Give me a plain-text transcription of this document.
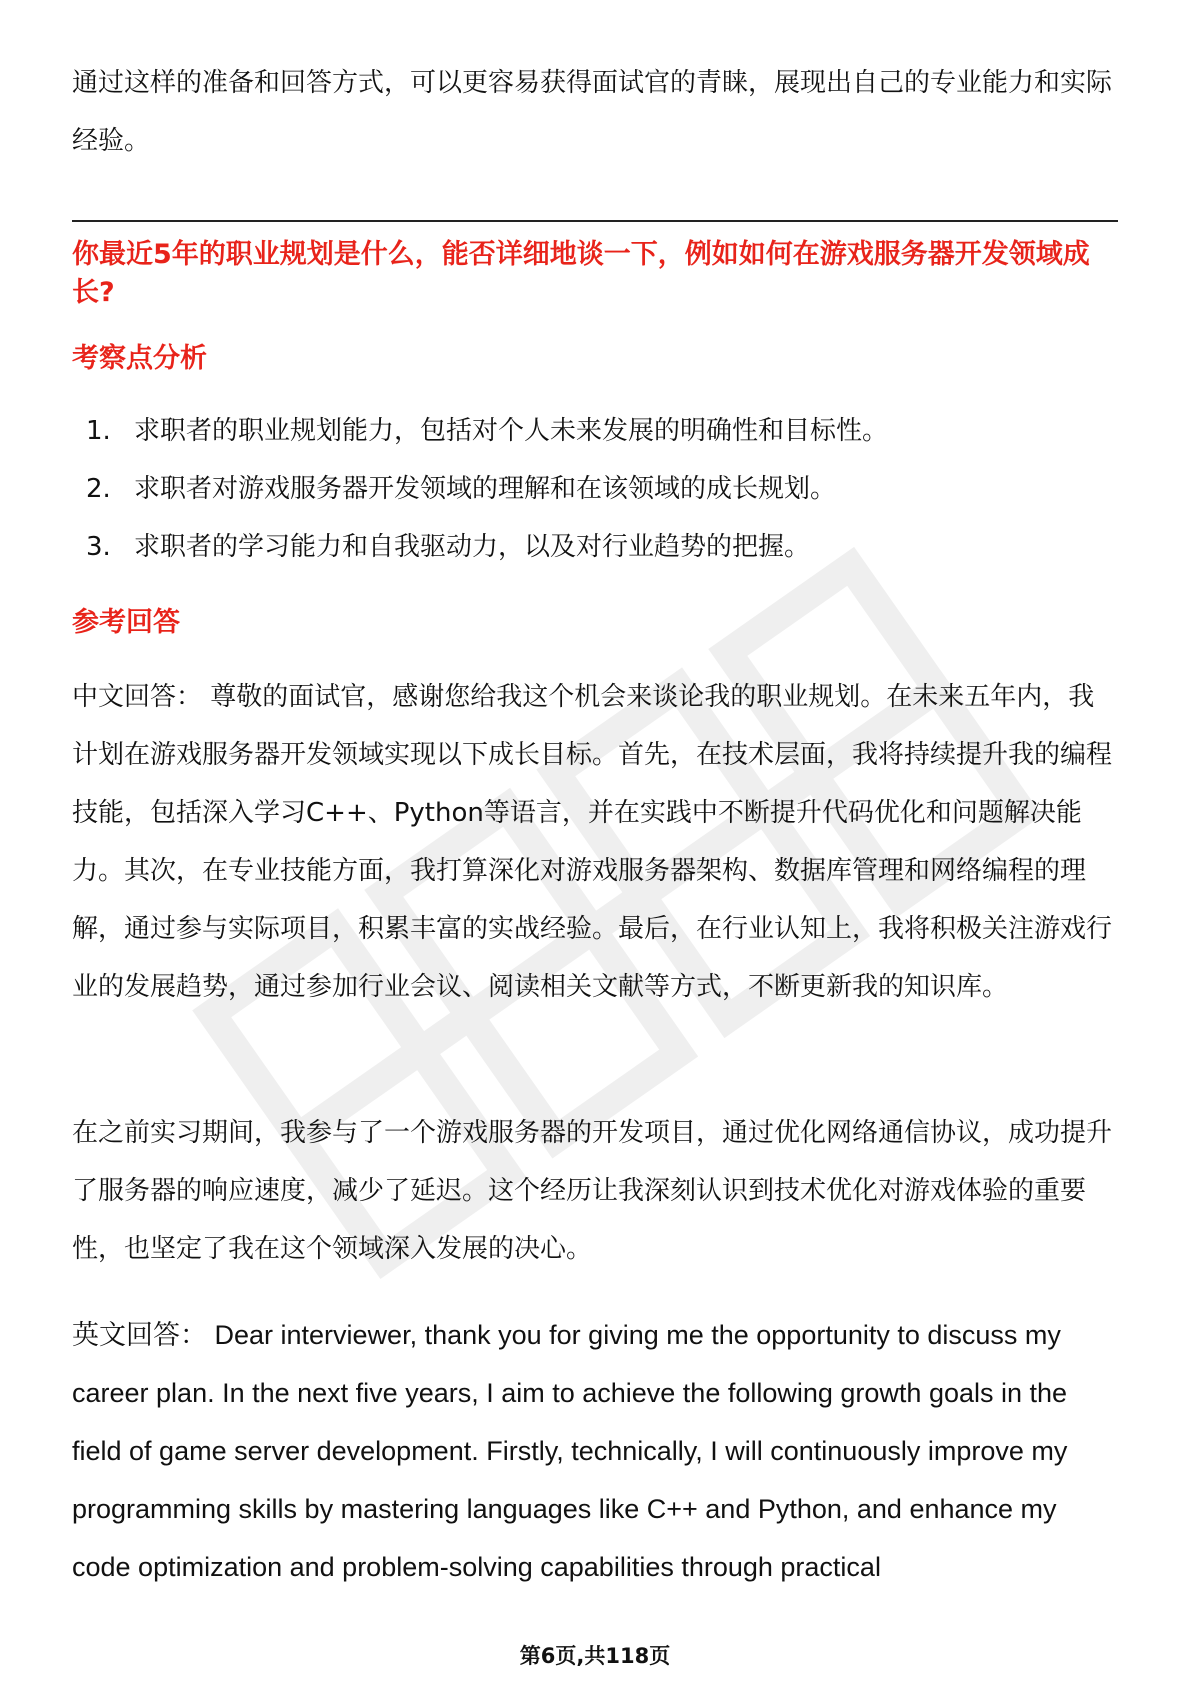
通过这样的准备和回答方式，可以更容易获得面试官的青睐，展现出自己的专业能力和实际经验。

你最近5年的职业规划是什么，能否详细地谈一下，例如如何在游戏服务器开发领域成长?

考察点分析

1. 求职者的职业规划能力，包括对个人未来发展的明确性和目标性。
2. 求职者对游戏服务器开发领域的理解和在该领域的成长规划。
3. 求职者的学习能力和自我驱动力，以及对行业趋势的把握。

参考回答

中文回答： 尊敬的面试官，感谢您给我这个机会来谈论我的职业规划。在未来五年内，我计划在游戏服务器开发领域实现以下成长目标。首先，在技术层面，我将持续提升我的编程技能，包括深入学习C++、Python等语言，并在实践中不断提升代码优化和问题解决能力。其次，在专业技能方面，我打算深化对游戏服务器架构、数据库管理和网络编程的理解，通过参与实际项目，积累丰富的实战经验。最后，在行业认知上，我将积极关注游戏行业的发展趋势，通过参加行业会议、阅读相关文献等方式，不断更新我的知识库。

在之前实习期间，我参与了一个游戏服务器的开发项目，通过优化网络通信协议，成功提升了服务器的响应速度，减少了延迟。这个经历让我深刻认识到技术优化对游戏体验的重要性，也坚定了我在这个领域深入发展的决心。

英文回答： Dear interviewer, thank you for giving me the opportunity to discuss my career plan. In the next five years, I aim to achieve the following growth goals in the field of game server development. Firstly, technically, I will continuously improve my programming skills by mastering languages like C++ and Python, and enhance my code optimization and problem-solving capabilities through practical

第6页,共118页
